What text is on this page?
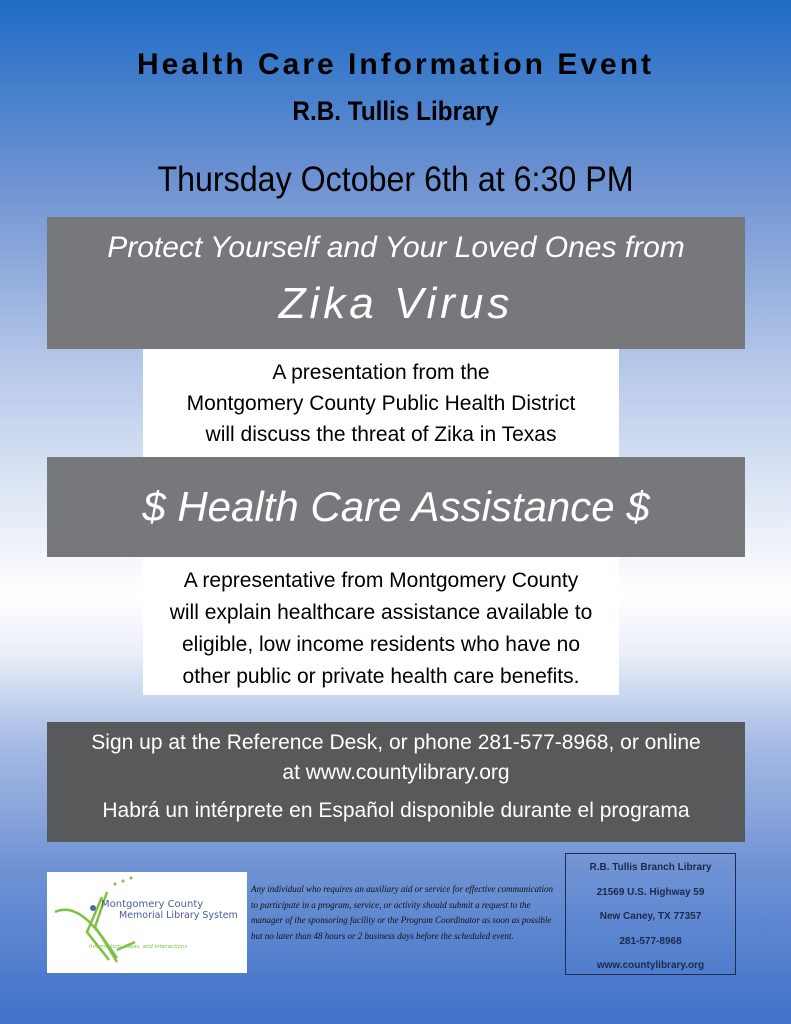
Health Care Information Event
R.B. Tullis Library
Thursday October 6th at 6:30 PM
Protect Yourself and Your Loved Ones from
Zika Virus
A presentation from the
Montgomery County Public Health District
will discuss the threat of Zika in Texas
$ Health Care Assistance $
A representative from Montgomery County
will explain healthcare assistance available to
eligible, low income residents who have no
other public or private health care benefits.
Sign up at the Reference Desk, or phone 281-577-8968, or online
at www.countylibrary.org
Habrá un intérprete en Español disponible durante el programa
Montgomery County
Memorial Library System
Information, ideas, and Interactions
Any individual who requires an auxiliary aid or service for effective communication to participate in a program, service, or activity should submit a request to the manager of the sponsoring facility or the Program Coordinator as soon as possible but no later than 48 hours or 2 business days before the scheduled event.
R.B. Tullis Branch Library
21569 U.S. Highway 59
New Caney, TX 77357
281-577-8968
www.countylibrary.org
